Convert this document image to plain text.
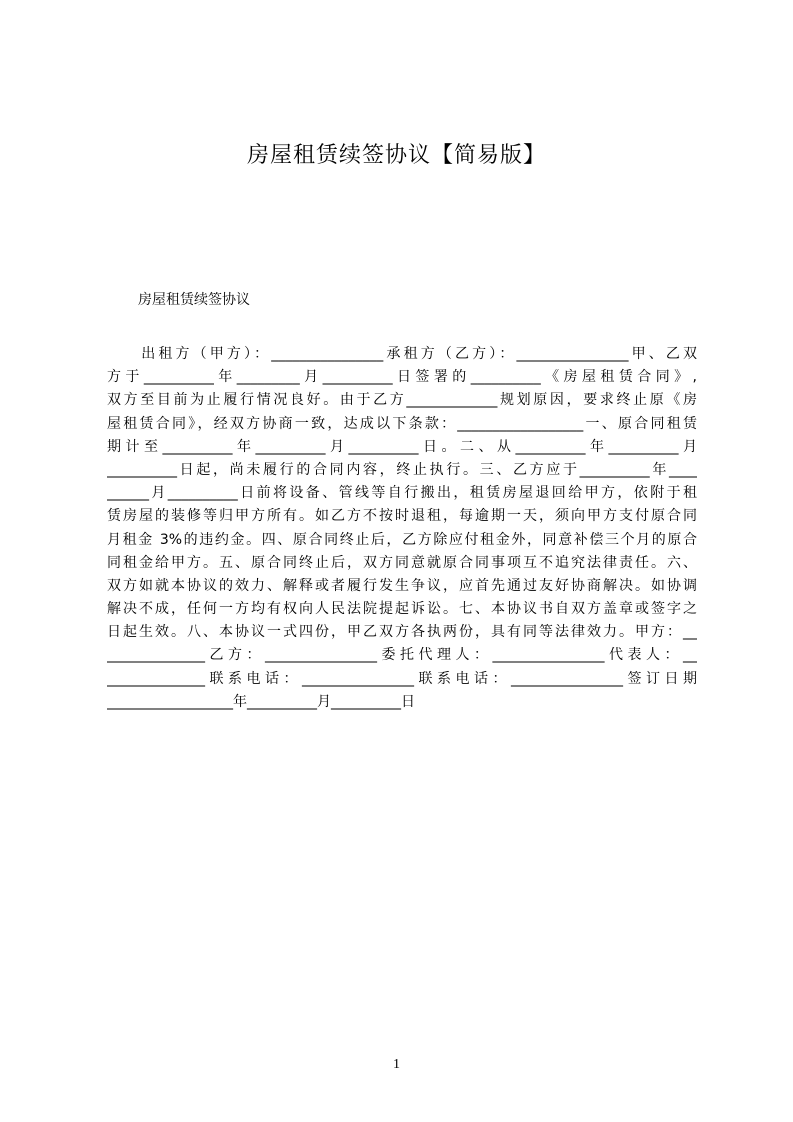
房屋租赁续签协议【简易版】

房屋租赁续签协议

　　出租方（甲方）：________________承租方（乙方）：________________甲、乙双
方于__________年_________月__________日签署的__________《房屋租赁合同》,
双方至目前为止履行情况良好。由于乙方_____________规划原因，要求终止原《房
屋租赁合同》，经双方协商一致，达成以下条款：__________________一、原合同租赁
期计至__________年__________月__________日。二、从__________年__________月
__________日起，尚未履行的合同内容，终止执行。三、乙方应于__________年____
______月__________日前将设备、管线等自行搬出，租赁房屋退回给甲方，依附于租
赁房屋的装修等归甲方所有。如乙方不按时退租，每逾期一天，须向甲方支付原合同
月租金 3%的违约金。四、原合同终止后，乙方除应付租金外，同意补偿三个月的原合
同租金给甲方。五、原合同终止后，双方同意就原合同事项互不追究法律责任。六、
双方如就本协议的效力、解释或者履行发生争议，应首先通过友好协商解决。如协调
解决不成，任何一方均有权向人民法院提起诉讼。七、本协议书自双方盖章或签字之
日起生效。八、本协议一式四份，甲乙双方各执两份，具有同等法律效力。甲方：__
______________乙方：________________委托代理人：________________代表人：__
______________联系电话：________________联系电话：________________签订日期
__________________年__________月__________日
1
